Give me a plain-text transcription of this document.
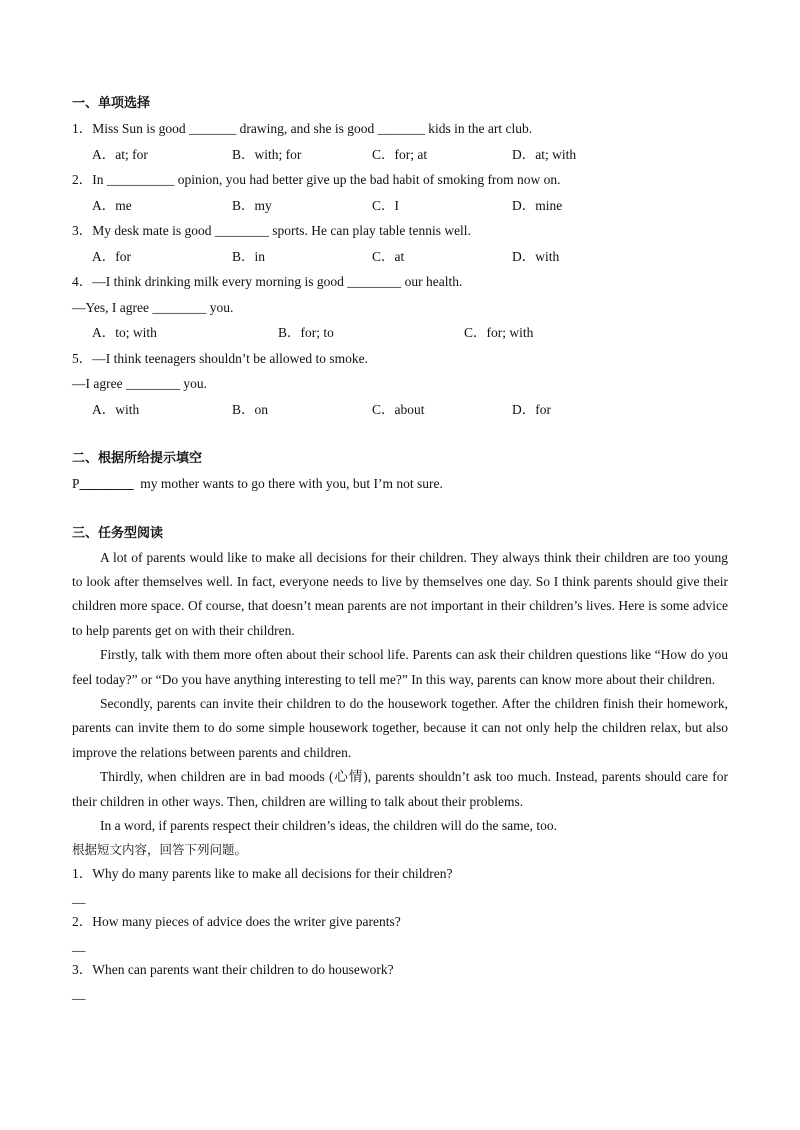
一、单项选择
1．Miss Sun is good _______ drawing, and she is good _______ kids in the art club.
A．at; for	B．with; for	C．for; at	D．at; with
2．In __________ opinion, you had better give up the bad habit of smoking from now on.
A．me	B．my	C．I	D．mine
3．My desk mate is good ________ sports. He can play table tennis well.
A．for	B．in	C．at	D．with
4．—I think drinking milk every morning is good ________ our health.
—Yes, I agree ________ you.
A．to; with	B．for; to	C．for; with
5．—I think teenagers shouldn’t be allowed to smoke.
—I agree ________ you.
A．with	B．on	C．about	D．for
二、根据所给提示填空
P________  my mother wants to go there with you, but I’m not sure.
三、任务型阅读

A lot of parents would like to make all decisions for their children. They always think their children are too young to look after themselves well. In fact, everyone needs to live by themselves one day. So I think parents should give their children more space. Of course, that doesn’t mean parents are not important in their children’s lives. Here is some advice to help parents get on with their children.

Firstly, talk with them more often about their school life. Parents can ask their children questions like “How do you feel today?” or “Do you have anything interesting to tell me?” In this way, parents can know more about their children.

Secondly, parents can invite their children to do the housework together. After the children finish their homework, parents can invite them to do some simple housework together, because it can not only help the children relax, but also improve the relations between parents and children.

Thirdly, when children are in bad moods (心情), parents shouldn’t ask too much. Instead, parents should care for their children in other ways. Then, children are willing to talk about their problems.

In a word, if parents respect their children’s ideas, the children will do the same, too.

根据短文内容，回答下列问题。
1．Why do many parents like to make all decisions for their children?
__
2．How many pieces of advice does the writer give parents?
__
3．When can parents want their children to do housework?
__
